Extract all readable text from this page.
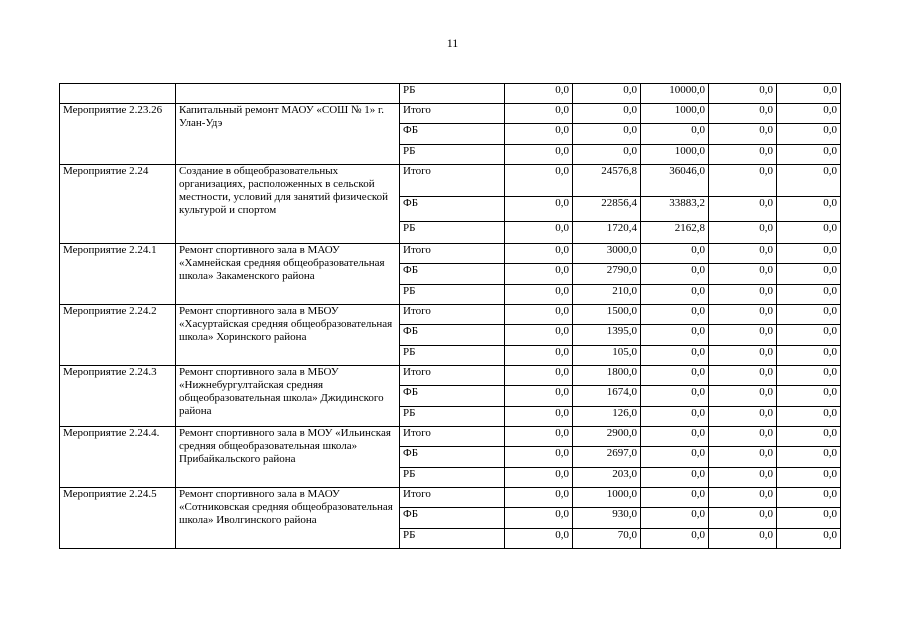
11
		РБ	0,0	0,0	10000,0	0,0	0,0
Мероприятие 2.23.26	Капитальный ремонт МАОУ «СОШ № 1» г. Улан-Удэ	Итого	0,0	0,0	1000,0	0,0	0,0
		ФБ	0,0	0,0	0,0	0,0	0,0
		РБ	0,0	0,0	1000,0	0,0	0,0
Мероприятие 2.24	Создание в общеобразовательных организациях, расположенных в сельской местности, условий для занятий физической культурой и спортом	Итого	0,0	24576,8	36046,0	0,0	0,0
		ФБ	0,0	22856,4	33883,2	0,0	0,0
		РБ	0,0	1720,4	2162,8	0,0	0,0
Мероприятие 2.24.1	Ремонт спортивного зала в МАОУ «Хамнейская средняя общеобразовательная школа» Закаменского района	Итого	0,0	3000,0	0,0	0,0	0,0
		ФБ	0,0	2790,0	0,0	0,0	0,0
		РБ	0,0	210,0	0,0	0,0	0,0
Мероприятие 2.24.2	Ремонт спортивного зала в МБОУ «Хасуртайская средняя общеобразовательная школа» Хоринского района	Итого	0,0	1500,0	0,0	0,0	0,0
		ФБ	0,0	1395,0	0,0	0,0	0,0
		РБ	0,0	105,0	0,0	0,0	0,0
Мероприятие 2.24.3	Ремонт спортивного зала в МБОУ «Нижнебургултайская средняя общеобразовательная школа» Джидинского района	Итого	0,0	1800,0	0,0	0,0	0,0
		ФБ	0,0	1674,0	0,0	0,0	0,0
		РБ	0,0	126,0	0,0	0,0	0,0
Мероприятие 2.24.4.	Ремонт спортивного зала в МОУ «Ильинская средняя общеобразовательная школа» Прибайкальского района	Итого	0,0	2900,0	0,0	0,0	0,0
		ФБ	0,0	2697,0	0,0	0,0	0,0
		РБ	0,0	203,0	0,0	0,0	0,0
Мероприятие 2.24.5	Ремонт спортивного зала в МАОУ «Сотниковская средняя общеобразовательная школа» Иволгинского района	Итого	0,0	1000,0	0,0	0,0	0,0
		ФБ	0,0	930,0	0,0	0,0	0,0
		РБ	0,0	70,0	0,0	0,0	0,0
